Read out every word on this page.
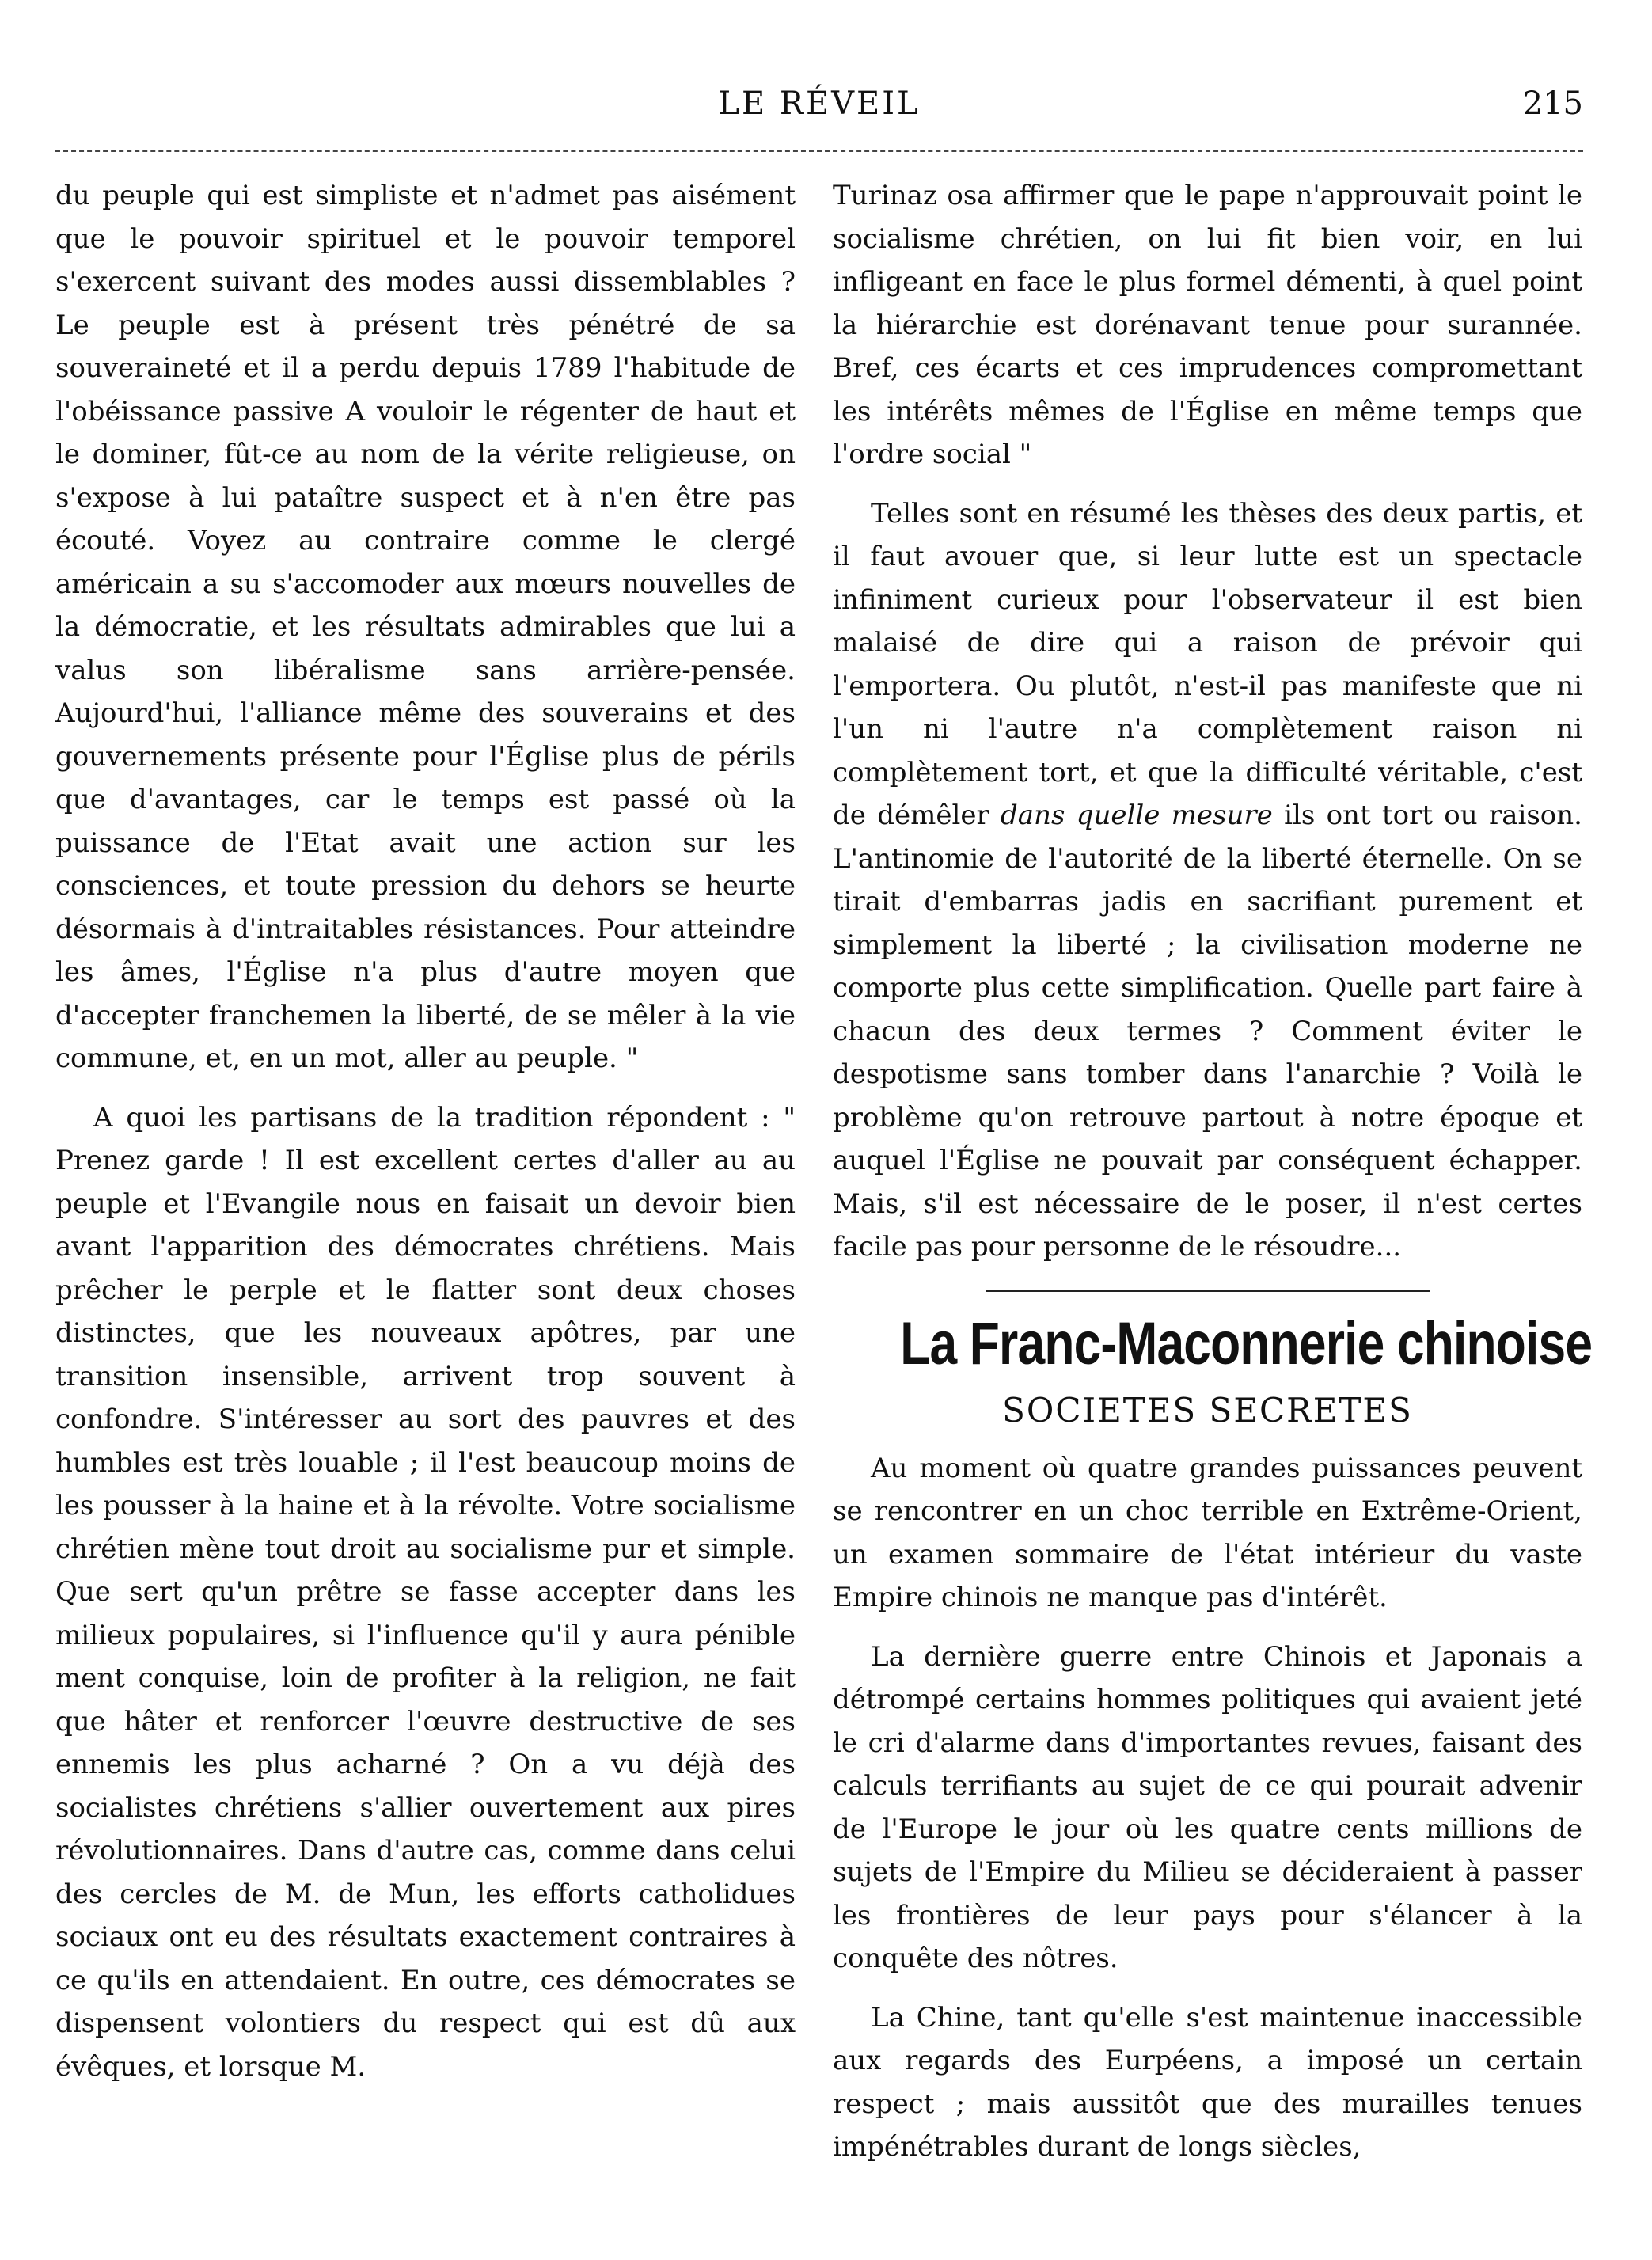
LE RÉVEIL	215

du peuple qui est simpliste et n'admet pas aisément que le pouvoir spirituel et le pouvoir temporel s'exercent suivant des modes aussi dissemblables ? Le peuple est à présent très pénétré de sa souveraineté et il a perdu depuis 1789 l'habitude de l'obéissance passive A vouloir le régenter de haut et le dominer, fût-ce au nom de la vérite religieuse, on s'expose à lui pataître suspect et à n'en être pas écouté. Voyez au contraire comme le clergé américain a su s'accomoder aux mœurs nouvelles de la démocratie, et les résultats admirables que lui a valus son libéralisme sans arrière-pensée. Aujourd'hui, l'alliance même des souverains et des gouvernements présente pour l'Église plus de périls que d'avantages, car le temps est passé où la puissance de l'Etat avait une action sur les consciences, et toute pression du dehors se heurte désormais à d'intraitables résistances. Pour atteindre les âmes, l'Église n'a plus d'autre moyen que d'accepter franchemen la liberté, de se mêler à la vie commune, et, en un mot, aller au peuple. "

A quoi les partisans de la tradition répondent : " Prenez garde ! Il est excellent certes d'aller au au peuple et l'Evangile nous en faisait un devoir bien avant l'apparition des démocrates chrétiens. Mais prêcher le perple et le flatter sont deux choses distinctes, que les nouveaux apôtres, par une transition insensible, arrivent trop souvent à confondre. S'intéresser au sort des pauvres et des humbles est très louable ; il l'est beaucoup moins de les pousser à la haine et à la révolte. Votre socialisme chrétien mène tout droit au socialisme pur et simple. Que sert qu'un prêtre se fasse accepter dans les milieux populaires, si l'influence qu'il y aura pénible ment conquise, loin de profiter à la religion, ne fait que hâter et renforcer l'œuvre destructive de ses ennemis les plus acharné ? On a vu déjà des socialistes chrétiens s'allier ouvertement aux pires révolutionnaires. Dans d'autre cas, comme dans celui des cercles de M. de Mun, les efforts catholidues sociaux ont eu des résultats exactement contraires à ce qu'ils en attendaient. En outre, ces démocrates se dispensent volontiers du respect qui est dû aux évêques, et lorsque M.

Turinaz osa affirmer que le pape n'approuvait point le socialisme chrétien, on lui fit bien voir, en lui infligeant en face le plus formel démenti, à quel point la hiérarchie est dorénavant tenue pour surannée. Bref, ces écarts et ces imprudences compromettant les intérêts mêmes de l'Église en même temps que l'ordre social "

Telles sont en résumé les thèses des deux partis, et il faut avouer que, si leur lutte est un spectacle infiniment curieux pour l'observateur il est bien malaisé de dire qui a raison de prévoir qui l'emportera. Ou plutôt, n'est-il pas manifeste que ni l'un ni l'autre n'a complètement raison ni complètement tort, et que la difficulté véritable, c'est de démêler dans quelle mesure ils ont tort ou raison. L'antinomie de l'autorité de la liberté éternelle. On se tirait d'embarras jadis en sacrifiant purement et simplement la liberté ; la civilisation moderne ne comporte plus cette simplification. Quelle part faire à chacun des deux termes ? Comment éviter le despotisme sans tomber dans l'anarchie ? Voilà le problème qu'on retrouve partout à notre époque et auquel l'Église ne pouvait par conséquent échapper. Mais, s'il est nécessaire de le poser, il n'est certes facile pas pour personne de le résoudre...

La Franc-Maconnerie chinoise
SOCIETES SECRETES

Au moment où quatre grandes puissances peuvent se rencontrer en un choc terrible en Extrême-Orient, un examen sommaire de l'état intérieur du vaste Empire chinois ne manque pas d'intérêt.

La dernière guerre entre Chinois et Japonais a détrompé certains hommes politiques qui avaient jeté le cri d'alarme dans d'importantes revues, faisant des calculs terrifiants au sujet de ce qui pourait advenir de l'Europe le jour où les quatre cents millions de sujets de l'Empire du Milieu se décideraient à passer les frontières de leur pays pour s'élancer à la conquête des nôtres.

La Chine, tant qu'elle s'est maintenue inaccessible aux regards des Eurpéens, a imposé un certain respect ; mais aussitôt que des murailles tenues impénétrables durant de longs siècles,
